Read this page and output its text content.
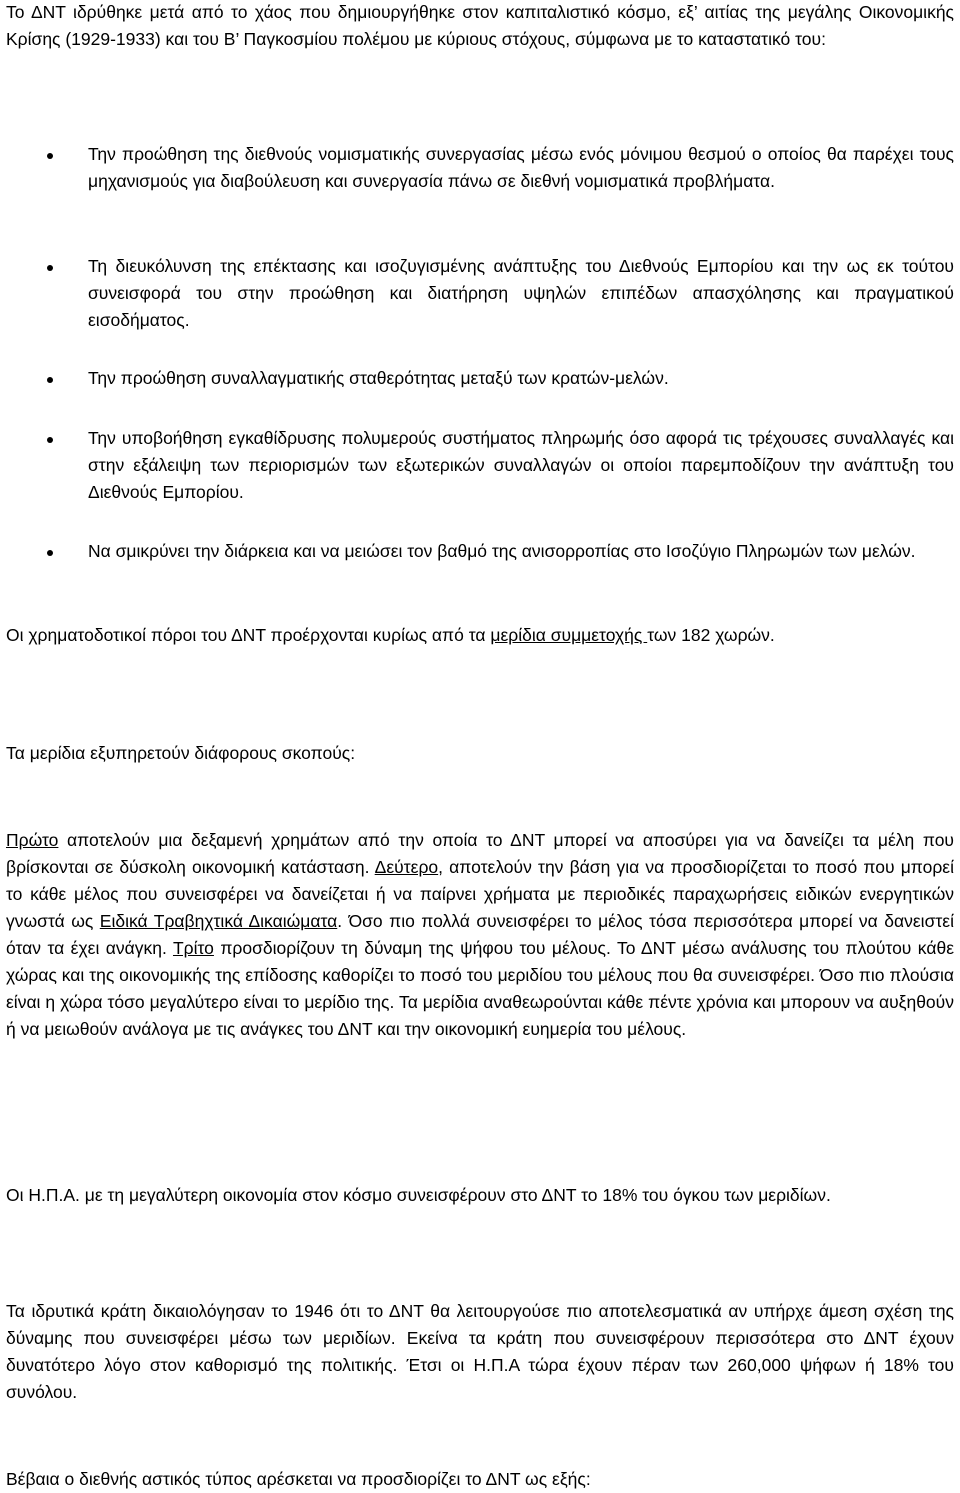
Το ΔΝΤ ιδρύθηκε μετά από το χάος που δημιουργήθηκε στον καπιταλιστικό κόσμο, εξ’ αιτίας της μεγάλης Οικονομικής Κρίσης (1929-1933) και του Β’ Παγκοσμίου πολέμου με κύριους στόχους, σύμφωνα με το καταστατικό του:

Την προώθηση της διεθνούς νομισματικής συνεργασίας μέσω ενός μόνιμου θεσμού ο οποίος θα παρέχει τους μηχανισμούς για διαβούλευση και συνεργασία πάνω σε διεθνή νομισματικά προβλήματα.
Τη διευκόλυνση της επέκτασης και ισοζυγισμένης ανάπτυξης του Διεθνούς Εμπορίου και την ως εκ τούτου συνεισφορά του στην προώθηση και διατήρηση υψηλών επιπέδων απασχόλησης και πραγματικού εισοδήματος.
Την προώθηση συναλλαγματικής σταθερότητας μεταξύ των κρατών-μελών.
Την υποβοήθηση εγκαθίδρυσης πολυμερούς συστήματος πληρωμής όσο αφορά τις τρέχουσες συναλλαγές και στην εξάλειψη των περιορισμών των εξωτερικών συναλλαγών οι οποίοι παρεμποδίζουν την ανάπτυξη του Διεθνούς Εμπορίου.
Να σμικρύνει την διάρκεια και να μειώσει τον βαθμό της ανισορροπίας στο Ισοζύγιο Πληρωμών των μελών.

Οι χρηματοδοτικοί πόροι του ΔΝΤ προέρχονται κυρίως από τα μερίδια συμμετοχής των 182 χωρών.

Τα μερίδια εξυπηρετούν διάφορους σκοπούς:

Πρώτο αποτελούν μια δεξαμενή χρημάτων από την οποία το ΔΝΤ μπορεί να αποσύρει για να δανείζει τα μέλη που βρίσκονται σε δύσκολη οικονομική κατάσταση. Δεύτερο, αποτελούν την βάση για να προσδιορίζεται το ποσό που μπορεί το κάθε μέλος που συνεισφέρει να δανείζεται ή να παίρνει χρήματα με περιοδικές παραχωρήσεις ειδικών ενεργητικών γνωστά ως Ειδικά Τραβηχτικά Δικαιώματα. Όσο πιο πολλά συνεισφέρει το μέλος τόσα περισσότερα μπορεί να δανειστεί όταν τα έχει ανάγκη. Τρίτο προσδιορίζουν τη δύναμη της ψήφου του μέλους. Το ΔΝΤ μέσω ανάλυσης του πλούτου κάθε χώρας και της οικονομικής της επίδοσης καθορίζει το ποσό του μεριδίου του μέλους που θα συνεισφέρει. Όσο πιο πλούσια είναι η χώρα τόσο μεγαλύτερο είναι το μερίδιο της. Τα μερίδια αναθεωρούνται κάθε πέντε χρόνια και μπορουν να αυξηθούν ή να μειωθούν ανάλογα με τις ανάγκες του ΔΝΤ και την οικονομική ευημερία του μέλους.

Οι Η.Π.Α. με τη μεγαλύτερη οικονομία στον κόσμο συνεισφέρουν στο ΔΝΤ το 18% του όγκου των μεριδίων.

Τα ιδρυτικά κράτη δικαιολόγησαν το 1946 ότι το ΔΝΤ θα λειτουργούσε πιο αποτελεσματικά αν υπήρχε άμεση σχέση της δύναμης που συνεισφέρει μέσω των μεριδίων. Εκείνα τα κράτη που συνεισφέρουν περισσότερα στο ΔΝΤ έχουν δυνατότερο λόγο στον καθορισμό της πολιτικής. Έτσι οι Η.Π.Α τώρα έχουν πέραν των 260,000 ψήφων ή 18% του συνόλου.

Βέβαια ο διεθνής αστικός τύπος αρέσκεται να προσδιορίζει το ΔΝΤ ως εξής:
